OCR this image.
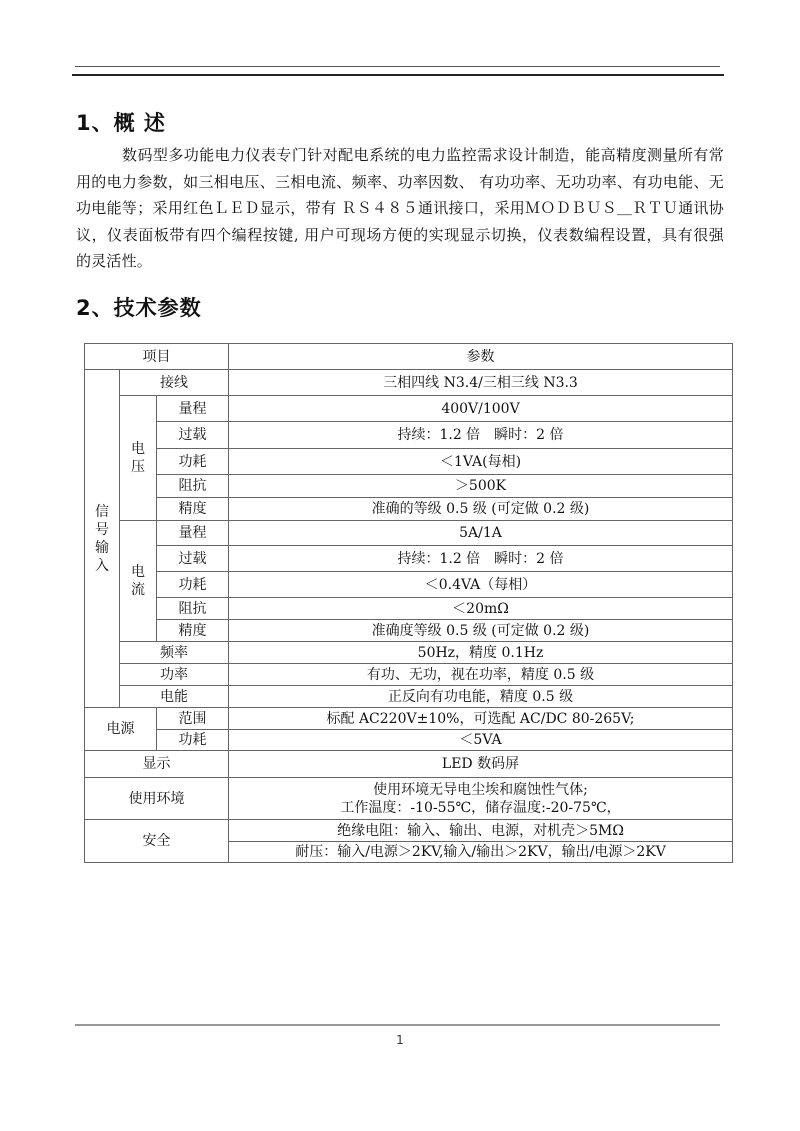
1、概 述
数码型多功能电力仪表专门针对配电系统的电力监控需求设计制造，能高精度测量所有常用的电力参数，如三相电压、三相电流、频率、功率因数、 有功功率、无功功率、有功电能、无功电能等；采用红色ＬＥＤ显示，带有 ＲＳ４８５通讯接口，采用ＭＯＤＢＵＳ＿ＲＴＵ通讯协议，仪表面板带有四个编程按键, 用户可现场方便的实现显示切换，仪表数编程设置，具有很强的灵活性。
2、技术参数
项目			参数

信号输入	接线		三相四线 N3.4/三相三线 N3.3

	电压	量程	400V/100V
		过载	持续：1.2 倍　瞬时：2 倍
		功耗	＜1VA(每相)
		阻抗	＞500K
		精度	准确的等级 0.5 级 (可定做 0.2 级)

	电流	量程	5A/1A
		过载	持续：1.2 倍　瞬时：2 倍
		功耗	＜0.4VA（每相）
		阻抗	＜20mΩ
		精度	准确度等级 0.5 级 (可定做 0.2 级)
	频率		50Hz，精度 0.1Hz
	功率		有功、无功，视在功率，精度 0.5 级
	电能		正反向有功电能，精度 0.5 级
电源		范围	标配 AC220V±10%，可选配 AC/DC 80-265V;
		功耗	＜5VA
显示			LED 数码屏
使用环境			使用环境无导电尘埃和腐蚀性气体;
工作温度：-10-55℃，储存温度:-20-75℃，

安全			绝缘电阻：输入、输出、电源，对机壳＞5MΩ
			耐压：输入/电源＞2KV,输入/输出＞2KV，输出/电源＞2KV
1
